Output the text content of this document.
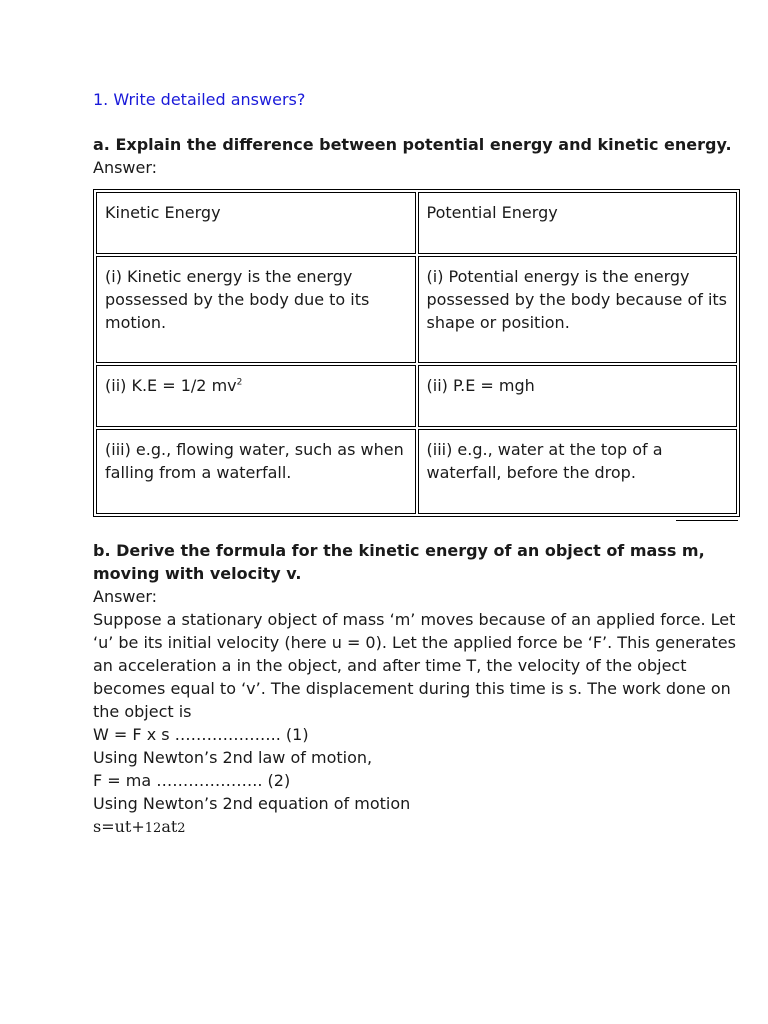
1. Write detailed answers?

a. Explain the difference between potential energy and kinetic energy.

Answer:

Kinetic Energy	Potential Energy
(i) Kinetic energy is the energy possessed by the body due to its motion.	(i) Potential energy is the energy possessed by the body because of its shape or position.
(ii) K.E = 1/2 $mv^2$	(ii) P.E = mgh
(iii) e.g., flowing water, such as when falling from a waterfall.	(iii) e.g., water at the top of a waterfall, before the drop.

b. Derive the formula for the kinetic energy of an object of mass m, moving with velocity v.

Answer:

Suppose a stationary object of mass ‘m’ moves because of an applied force. Let ‘u’ be its initial velocity (here u = 0). Let the applied force be ‘F’. This generates an acceleration a in the object, and after time T, the velocity of the object becomes equal to ‘v’. The displacement during this time is s. The work done on the object is

W = F x s ……………….. (1)

Using Newton’s 2nd law of motion,

F = ma ……………….. (2)

Using Newton’s 2nd equation of motion

s=ut+12at2
